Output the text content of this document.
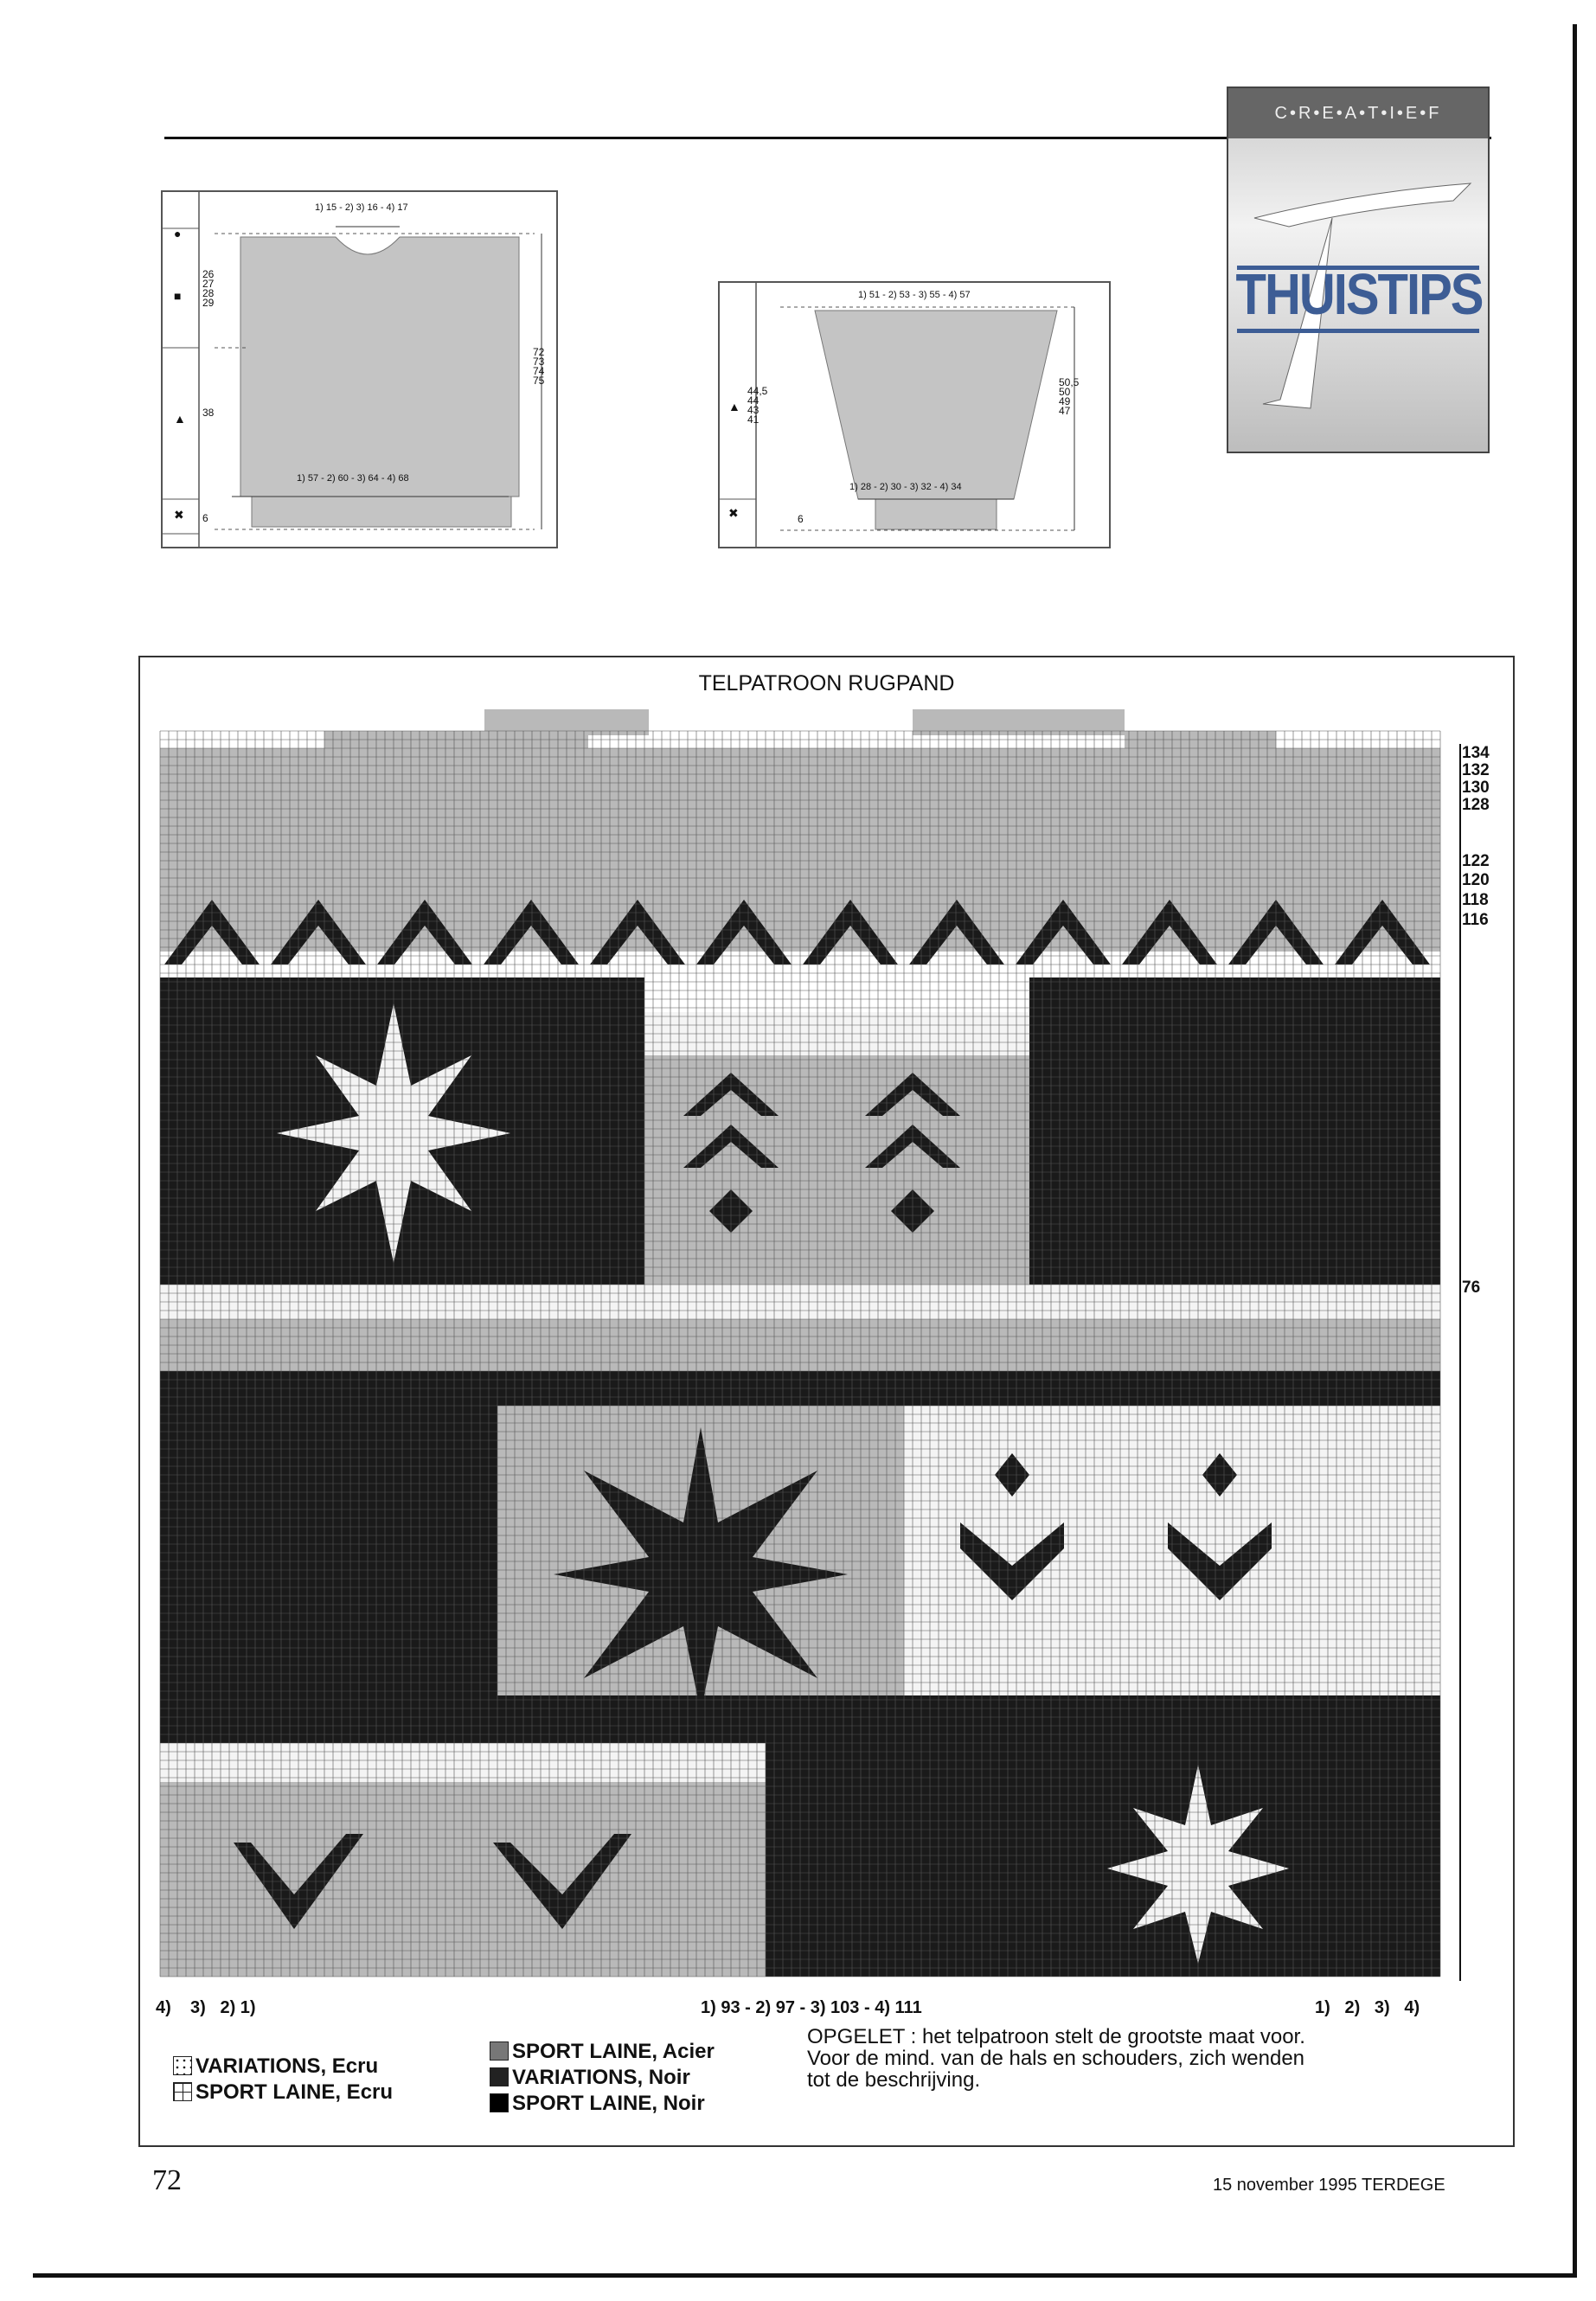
1) 15 - 2) 3) 16 - 4) 17
●
■
▲
✖
26
27
28
29
38
6
72
73
74
75
1) 57 - 2) 60 - 3) 64 - 4) 68
1) 51 - 2) 53 - 3) 55 - 4) 57
▲
✖
44,5
44
43
41
50,5
50
49
47
1) 28 - 2) 30 - 3) 32 - 4) 34
6
C•R•E•A•T•I•E•F
THUISTIPS
TELPATROON RUGPAND
134
132
130
128
122
120
118
116
76
4)    3)   2) 1)	1) 93 - 2) 97 - 3) 103 - 4) 111	1)   2)   3)   4)
VARIATIONS, Ecru
SPORT LAINE, Ecru
SPORT LAINE, Acier
VARIATIONS, Noir
SPORT LAINE, Noir
OPGELET : het telpatroon stelt de grootste maat voor.
Voor de mind. van de hals en schouders, zich wenden
tot de beschrijving.
72	15 november 1995 TERDEGE
